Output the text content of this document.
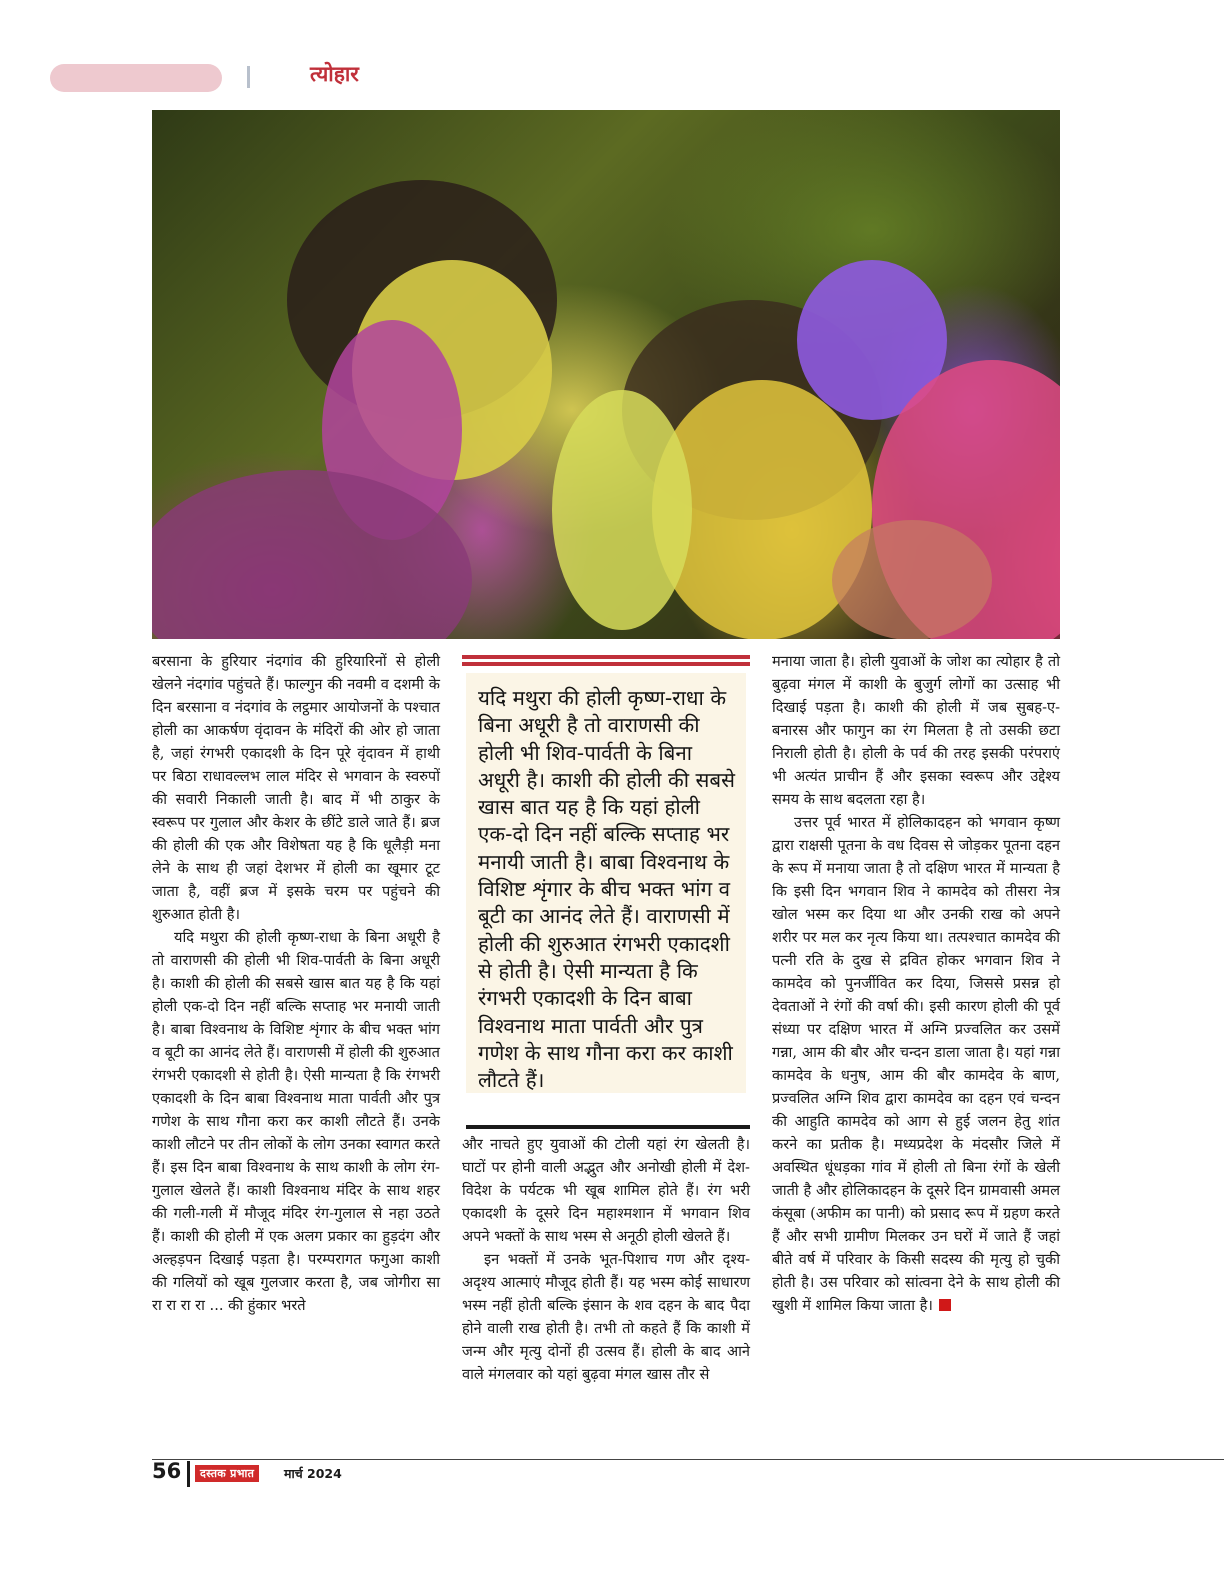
त्योहार

बरसाना के हुरियार नंदगांव की हुरियारिनों से होली खेलने नंदगांव पहुंचते हैं। फाल्गुन की नवमी व दशमी के दिन बरसाना व नंदगांव के लट्ठमार आयोजनों के पश्चात होली का आकर्षण वृंदावन के मंदिरों की ओर हो जाता है, जहां रंगभरी एकादशी के दिन पूरे वृंदावन में हाथी पर बिठा राधावल्लभ लाल मंदिर से भगवान के स्वरुपों की सवारी निकाली जाती है। बाद में भी ठाकुर के स्वरूप पर गुलाल और केशर के छींटे डाले जाते हैं। ब्रज की होली की एक और विशेषता यह है कि धूलैड़ी मना लेने के साथ ही जहां देशभर में होली का खूमार टूट जाता है, वहीं ब्रज में इसके चरम पर पहुंचने की शुरुआत होती है।

यदि मथुरा की होली कृष्ण-राधा के बिना अधूरी है तो वाराणसी की होली भी शिव-पार्वती के बिना अधूरी है। काशी की होली की सबसे खास बात यह है कि यहां होली एक-दो दिन नहीं बल्कि सप्ताह भर मनायी जाती है। बाबा विश्वनाथ के विशिष्ट शृंगार के बीच भक्त भांग व बूटी का आनंद लेते हैं। वाराणसी में होली की शुरुआत रंगभरी एकादशी से होती है। ऐसी मान्यता है कि रंगभरी एकादशी के दिन बाबा विश्वनाथ माता पार्वती और पुत्र गणेश के साथ गौना करा कर काशी लौटते हैं। उनके काशी लौटने पर तीन लोकों के लोग उनका स्वागत करते हैं। इस दिन बाबा विश्वनाथ के साथ काशी के लोग रंग-गुलाल खेलते हैं। काशी विश्वनाथ मंदिर के साथ शहर की गली-गली में मौजूद मंदिर रंग-गुलाल से नहा उठते हैं। काशी की होली में एक अलग प्रकार का हुड़दंग और अल्हड़पन दिखाई पड़ता है। परम्परागत फगुआ काशी की गलियों को खूब गुलजार करता है, जब जोगीरा सा रा रा रा रा ... की हुंकार भरते

यदि मथुरा की होली कृष्ण-राधा के बिना अधूरी है तो वाराणसी की होली भी शिव-पार्वती के बिना अधूरी है। काशी की होली की सबसे खास बात यह है कि यहां होली एक-दो दिन नहीं बल्कि सप्ताह भर मनायी जाती है। बाबा विश्वनाथ के विशिष्ट शृंगार के बीच भक्त भांग व बूटी का आनंद लेते हैं। वाराणसी में होली की शुरुआत रंगभरी एकादशी से होती है। ऐसी मान्यता है कि रंगभरी एकादशी के दिन बाबा विश्वनाथ माता पार्वती और पुत्र गणेश के साथ गौना करा कर काशी लौटते हैं।

और नाचते हुए युवाओं की टोली यहां रंग खेलती है। घाटों पर होनी वाली अद्भुत और अनोखी होली में देश-विदेश के पर्यटक भी खूब शामिल होते हैं। रंग भरी एकादशी के दूसरे दिन महाश्मशान में भगवान शिव अपने भक्तों के साथ भस्म से अनूठी होली खेलते हैं।

इन भक्तों में उनके भूत-पिशाच गण और दृश्य-अदृश्य आत्माएं मौजूद होती हैं। यह भस्म कोई साधारण भस्म नहीं होती बल्कि इंसान के शव दहन के बाद पैदा होने वाली राख होती है। तभी तो कहते हैं कि काशी में जन्म और मृत्यु दोनों ही उत्सव हैं। होली के बाद आने वाले मंगलवार को यहां बुढ़वा मंगल खास तौर से

मनाया जाता है। होली युवाओं के जोश का त्योहार है तो बुढ़वा मंगल में काशी के बुजुर्ग लोगों का उत्साह भी दिखाई पड़ता है। काशी की होली में जब सुबह-ए-बनारस और फागुन का रंग मिलता है तो उसकी छटा निराली होती है। होली के पर्व की तरह इसकी परंपराएं भी अत्यंत प्राचीन हैं और इसका स्वरूप और उद्देश्य समय के साथ बदलता रहा है।

उत्तर पूर्व भारत में होलिकादहन को भगवान कृष्ण द्वारा राक्षसी पूतना के वध दिवस से जोड़कर पूतना दहन के रूप में मनाया जाता है तो दक्षिण भारत में मान्यता है कि इसी दिन भगवान शिव ने कामदेव को तीसरा नेत्र खोल भस्म कर दिया था और उनकी राख को अपने शरीर पर मल कर नृत्य किया था। तत्पश्चात कामदेव की पत्नी रति के दुख से द्रवित होकर भगवान शिव ने कामदेव को पुनर्जीवित कर दिया, जिससे प्रसन्न हो देवताओं ने रंगों की वर्षा की। इसी कारण होली की पूर्व संध्या पर दक्षिण भारत में अग्नि प्रज्वलित कर उसमें गन्ना, आम की बौर और चन्दन डाला जाता है। यहां गन्ना कामदेव के धनुष, आम की बौर कामदेव के बाण, प्रज्वलित अग्नि शिव द्वारा कामदेव का दहन एवं चन्दन की आहुति कामदेव को आग से हुई जलन हेतु शांत करने का प्रतीक है। मध्यप्रदेश के मंदसौर जिले में अवस्थित धूंधड़का गांव में होली तो बिना रंगों के खेली जाती है और होलिकादहन के दूसरे दिन ग्रामवासी अमल कंसूबा (अफीम का पानी) को प्रसाद रूप में ग्रहण करते हैं और सभी ग्रामीण मिलकर उन घरों में जाते हैं जहां बीते वर्ष में परिवार के किसी सदस्य की मृत्यु हो चुकी होती है। उस परिवार को सांत्वना देने के साथ होली की खुशी में शामिल किया जाता है।

56	दस्तक प्रभात	मार्च 2024
